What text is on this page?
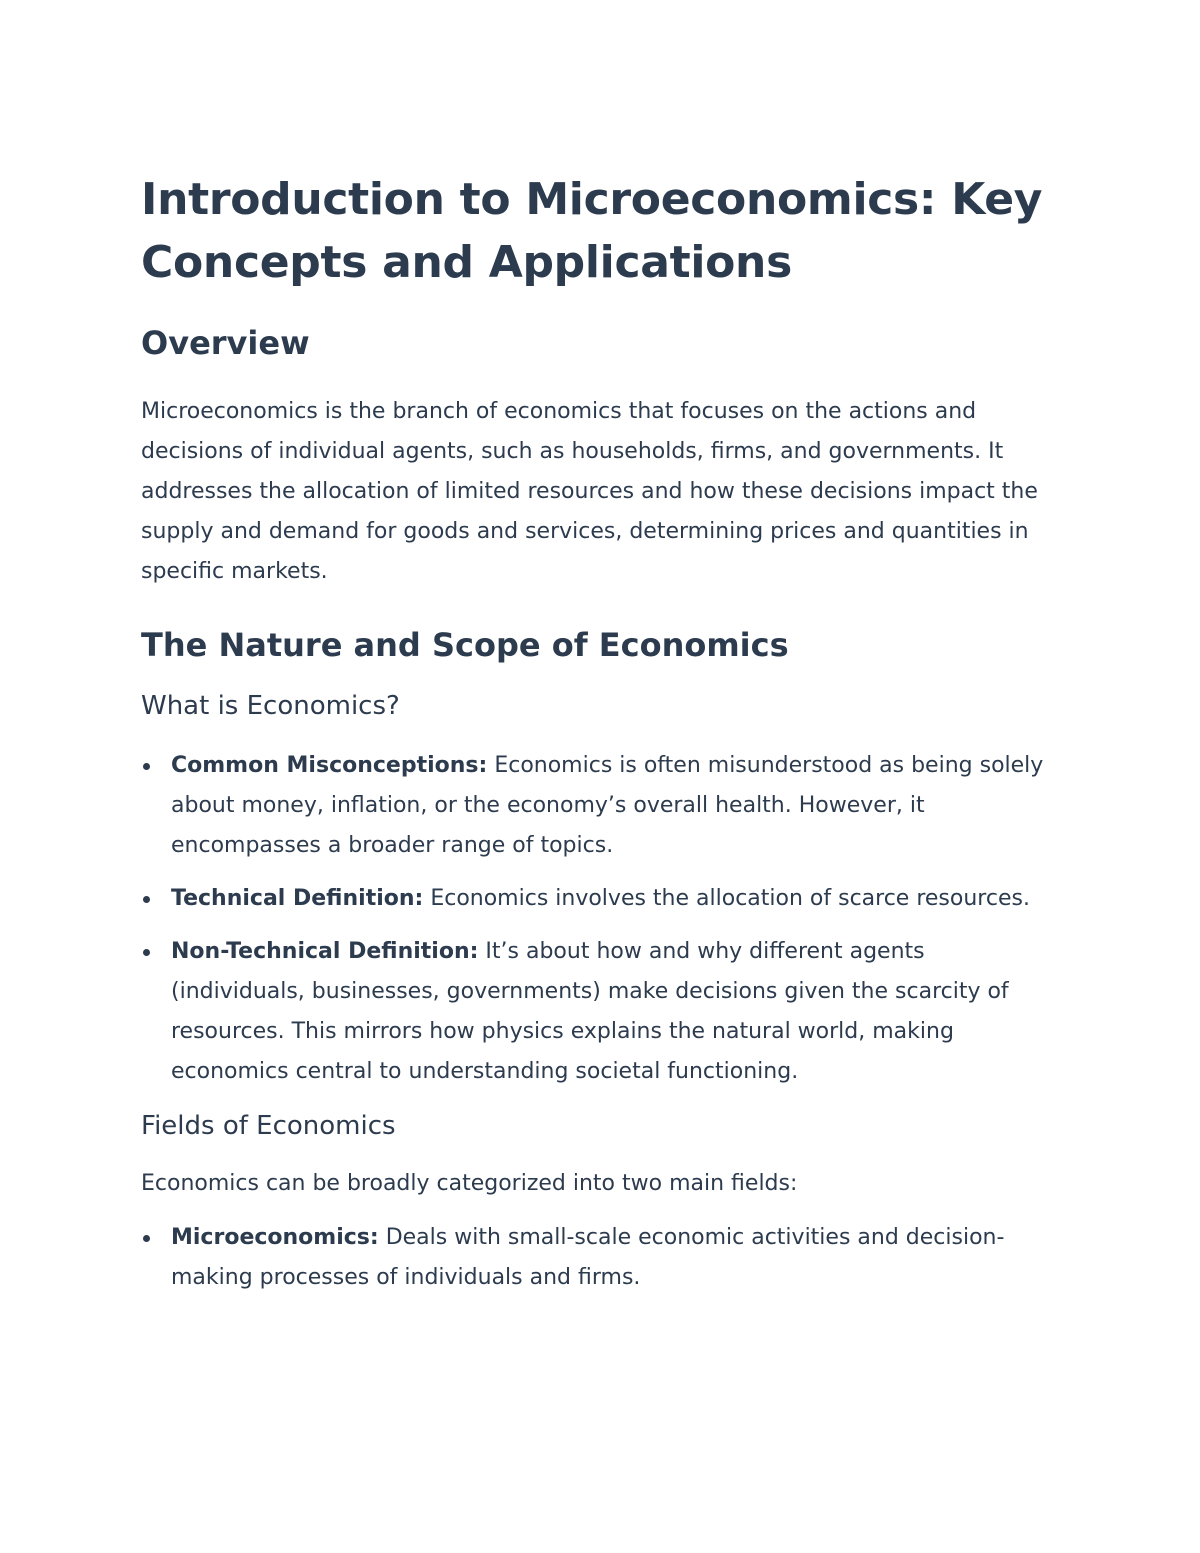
Introduction to Microeconomics: Key Concepts and Applications
Overview

Microeconomics is the branch of economics that focuses on the actions and decisions of individual agents, such as households, firms, and governments. It addresses the allocation of limited resources and how these decisions impact the supply and demand for goods and services, determining prices and quantities in specific markets.

The Nature and Scope of Economics
What is Economics?
Common Misconceptions: Economics is often misunderstood as being solely about money, inflation, or the economy’s overall health. However, it encompasses a broader range of topics.
Technical Definition: Economics involves the allocation of scarce resources.
Non-Technical Definition: It’s about how and why different agents (individuals, businesses, governments) make decisions given the scarcity of resources. This mirrors how physics explains the natural world, making economics central to understanding societal functioning.
Fields of Economics

Economics can be broadly categorized into two main fields:

Microeconomics: Deals with small-scale economic activities and decision-making processes of individuals and firms.
